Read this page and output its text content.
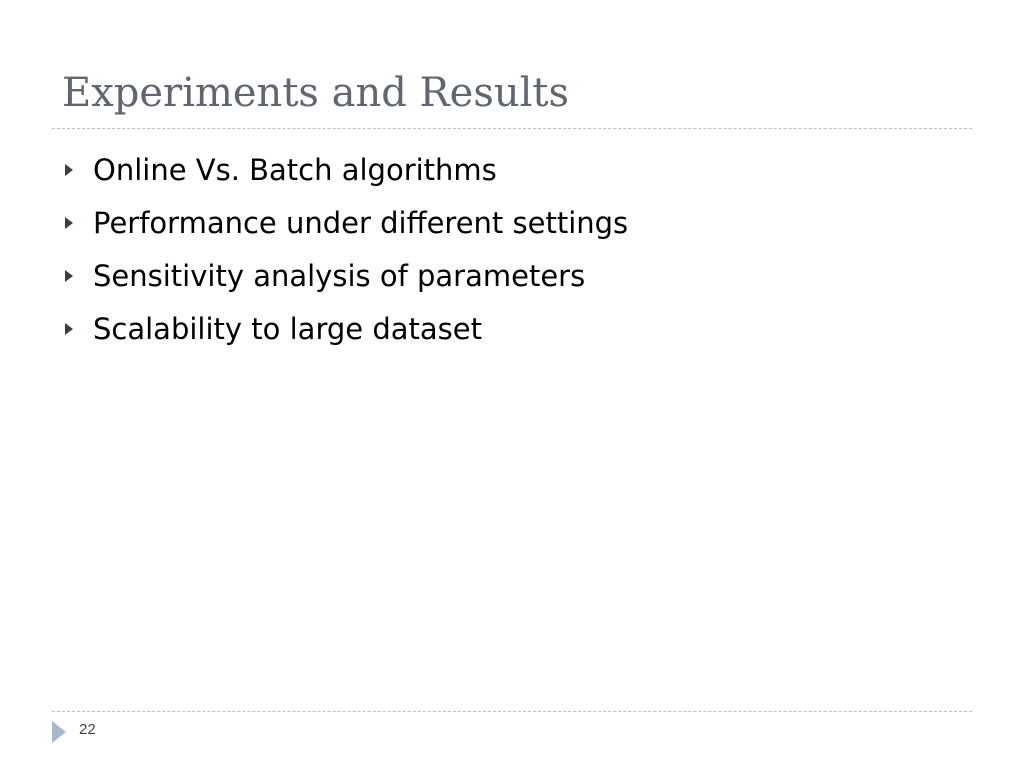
Experiments and Results
Online Vs. Batch algorithms
Performance under different settings
Sensitivity analysis of parameters
Scalability to large dataset
22
